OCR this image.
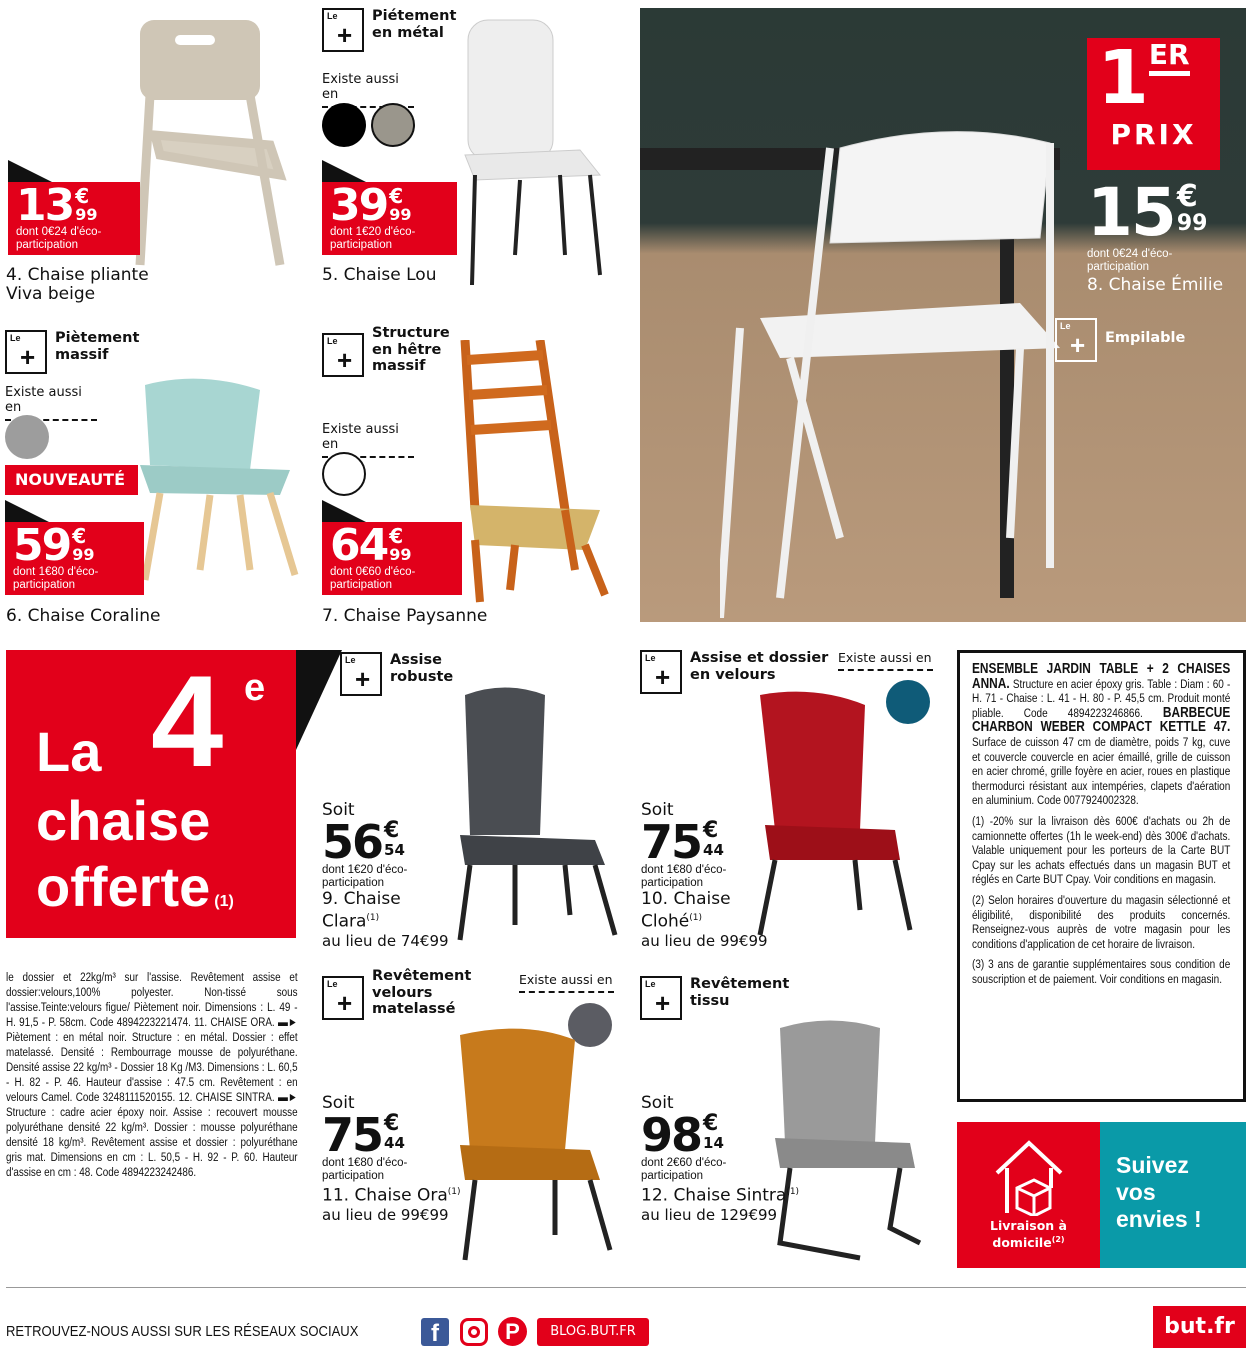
13 €
99
dont 0€24 d'éco-participation
4. Chaise pliante Viva beige
Le
+
Piétement en métal
Existe aussi en
39 €
99
dont 1€20 d'éco-participation
5. Chaise Lou
Le
+
Piètement massif
Existe aussi en
NOUVEAUTÉ
59 €
99
dont 1€80 d'éco-participation
6. Chaise Coraline
Le
+
Structure en hêtre massif
Existe aussi en
64 €
99
dont 0€60 d'éco-participation
7. Chaise Paysanne
1ER
PRIX
15 €
99
dont 0€24 d'éco-participation
8. Chaise Émilie
Le
+ Empilable
La 4 e
chaise
offerte (1)
Le
+
Assise robuste
Soit
56 €
54
dont 1€20 d'éco-participation
9. Chaise Clara$^{(1)}$
au lieu de 74€99
Le
+
Assise et dossier en velours
Existe aussi en
Soit
75 €
44
dont 1€80 d'éco-participation
10. Chaise Clohé$^{(1)}$
au lieu de 99€99
Le
+
Revêtement velours matelassé
Existe aussi en
Soit
75 €
44
dont 1€80 d'éco-participation
11. Chaise Ora$^{(1)}$
au lieu de 99€99
Le
+
Revêtement tissu
Soit
98 €
14
dont 2€60 d'éco-participation
12. Chaise Sintra$^{(1)}$
au lieu de 129€99
le dossier et 22kg/m³ sur l'assise. Revêtement assise et dossier:velours,100% polyester. Non-tissé sous l'assise.Teinte:velours figue/ Piètement noir. Dimensions : L. 49 - H. 91,5 - P. 58cm. Code 4894223221474. 11. CHAISE ORA. ▬► Piètement : en métal noir. Structure : en métal. Dossier : effet matelassé. Densité : Rembourrage mousse de polyuréthane. Densité assise 22 kg/m³ - Dossier 18 Kg /M3. Dimensions : L. 60,5 - H. 82 - P. 46. Hauteur d'assise : 47.5 cm. Revêtement : en velours Camel. Code 3248111520155. 12. CHAISE SINTRA. ▬► Structure : cadre acier époxy noir. Assise : recouvert mousse polyuréthane densité 22 kg/m³. Dossier : mousse polyuréthane densité 18 kg/m³. Revêtement assise et dossier : polyuréthane gris mat. Dimensions en cm : L. 50,5 - H. 92 - P. 60. Hauteur d'assise en cm : 48. Code 4894223242486.

ENSEMBLE JARDIN TABLE + 2 CHAISES ANNA. Structure en acier époxy gris. Table : Diam : 60 - H. 71 - Chaise : L. 41 - H. 80 - P. 45,5 cm. Produit monté pliable. Code 4894223246866. BARBECUE CHARBON WEBER COMPACT KETTLE 47. Surface de cuisson 47 cm de diamètre, poids 7 kg, cuve et couvercle couvercle en acier émaillé, grille de cuisson en acier chromé, grille foyère en acier, roues en plastique thermodurci résistant aux intempéries, clapets d'aération en aluminium. Code 0077924002328.

(1) -20% sur la livraison dès 600€ d'achats ou 2h de camionnette offertes (1h le week-end) dès 300€ d'achats. Valable uniquement pour les porteurs de la Carte BUT Cpay sur les achats effectués dans un magasin BUT et réglés en Carte BUT Cpay. Voir conditions en magasin.

(2) Selon horaires d'ouverture du magasin sélectionné et éligibilité, disponibilité des produits concernés. Renseignez-vous auprès de votre magasin pour les conditions d'application de cet horaire de livraison.

(3) 3 ans de garantie supplémentaires sous condition de souscription et de paiement. Voir conditions en magasin.

Livraison à domicile$^{(2)}$
Suivez vos envies !
RETROUVEZ-NOUS AUSSI SUR LES RÉSEAUX SOCIAUX	f	P	BLOG.BUT.FR	but.fr
